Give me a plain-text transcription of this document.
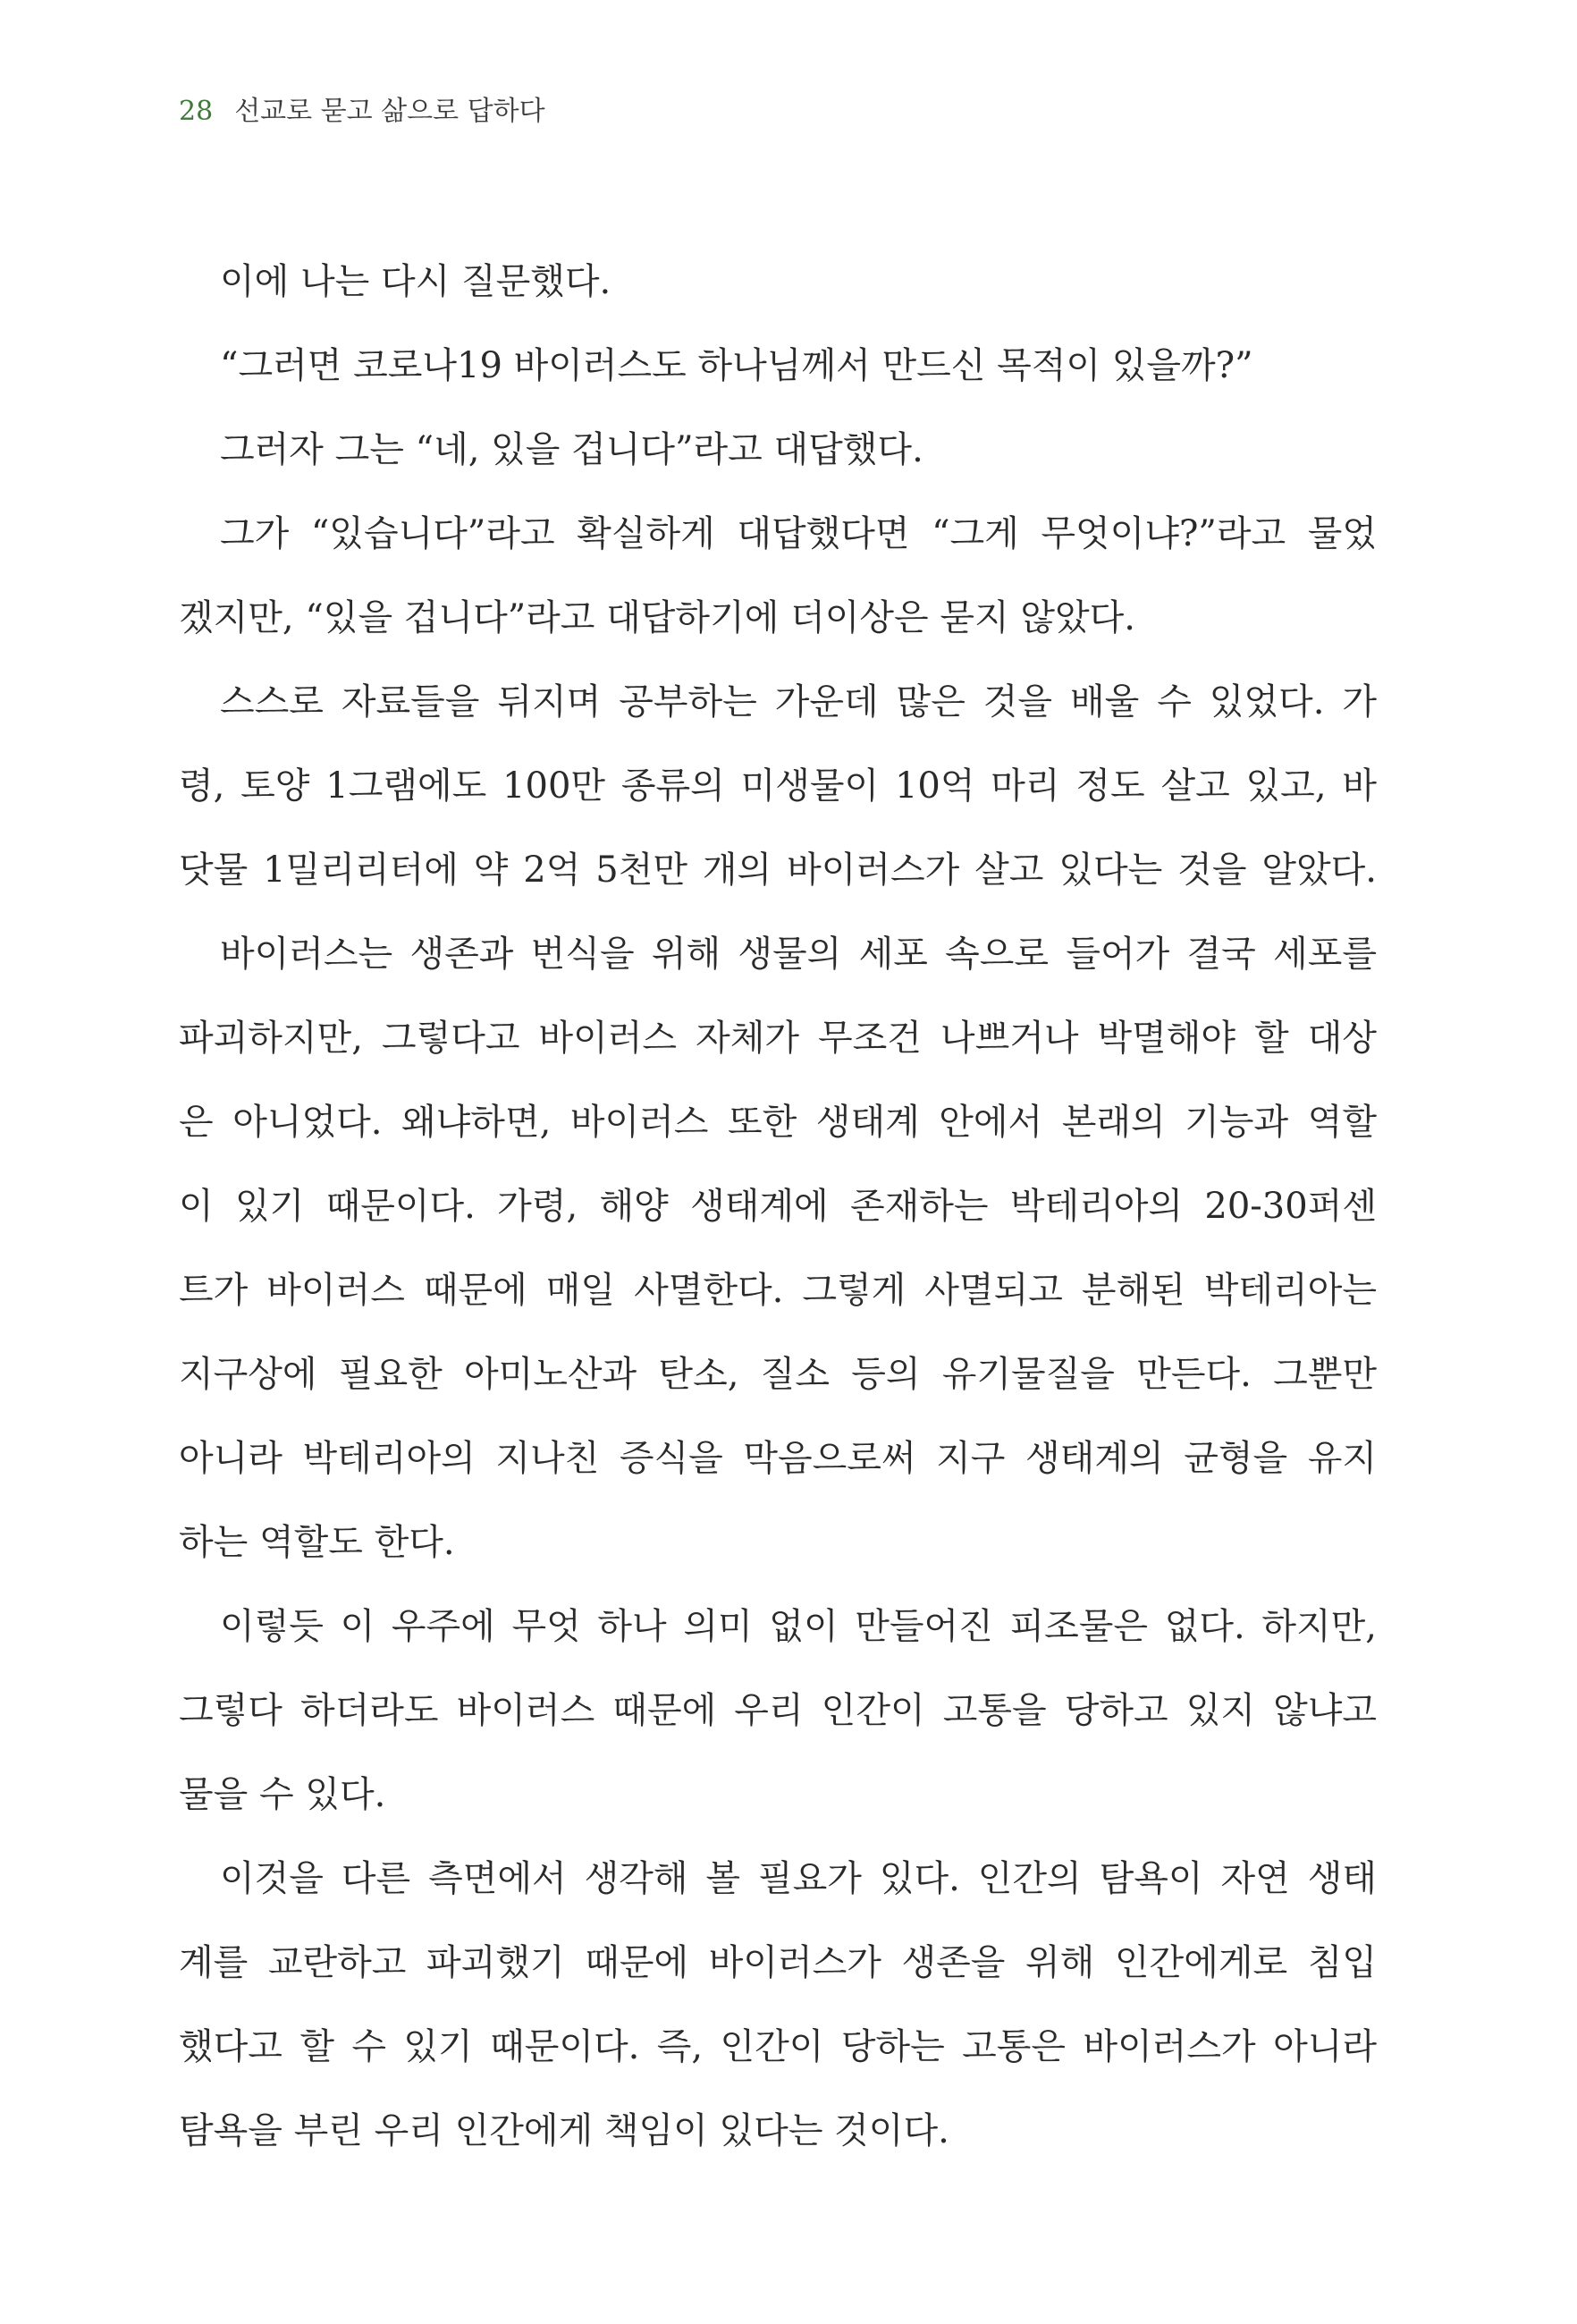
28 선교로 묻고 삶으로 답하다
이에 나는 다시 질문했다.
“그러면 코로나19 바이러스도 하나님께서 만드신 목적이 있을까?”
그러자 그는 “네, 있을 겁니다”라고 대답했다.
그가 “있습니다”라고 확실하게 대답했다면 “그게 무엇이냐?”라고 물었
겠지만, “있을 겁니다”라고 대답하기에 더이상은 묻지 않았다.
스스로 자료들을 뒤지며 공부하는 가운데 많은 것을 배울 수 있었다. 가
령, 토양 1그램에도 100만 종류의 미생물이 10억 마리 정도 살고 있고, 바
닷물 1밀리리터에 약 2억 5천만 개의 바이러스가 살고 있다는 것을 알았다.
바이러스는 생존과 번식을 위해 생물의 세포 속으로 들어가 결국 세포를
파괴하지만, 그렇다고 바이러스 자체가 무조건 나쁘거나 박멸해야 할 대상
은 아니었다. 왜냐하면, 바이러스 또한 생태계 안에서 본래의 기능과 역할
이 있기 때문이다. 가령, 해양 생태계에 존재하는 박테리아의 20-30퍼센
트가 바이러스 때문에 매일 사멸한다. 그렇게 사멸되고 분해된 박테리아는
지구상에 필요한 아미노산과 탄소, 질소 등의 유기물질을 만든다. 그뿐만
아니라 박테리아의 지나친 증식을 막음으로써 지구 생태계의 균형을 유지
하는 역할도 한다.
이렇듯 이 우주에 무엇 하나 의미 없이 만들어진 피조물은 없다. 하지만,
그렇다 하더라도 바이러스 때문에 우리 인간이 고통을 당하고 있지 않냐고
물을 수 있다.
이것을 다른 측면에서 생각해 볼 필요가 있다. 인간의 탐욕이 자연 생태
계를 교란하고 파괴했기 때문에 바이러스가 생존을 위해 인간에게로 침입
했다고 할 수 있기 때문이다. 즉, 인간이 당하는 고통은 바이러스가 아니라
탐욕을 부린 우리 인간에게 책임이 있다는 것이다.
